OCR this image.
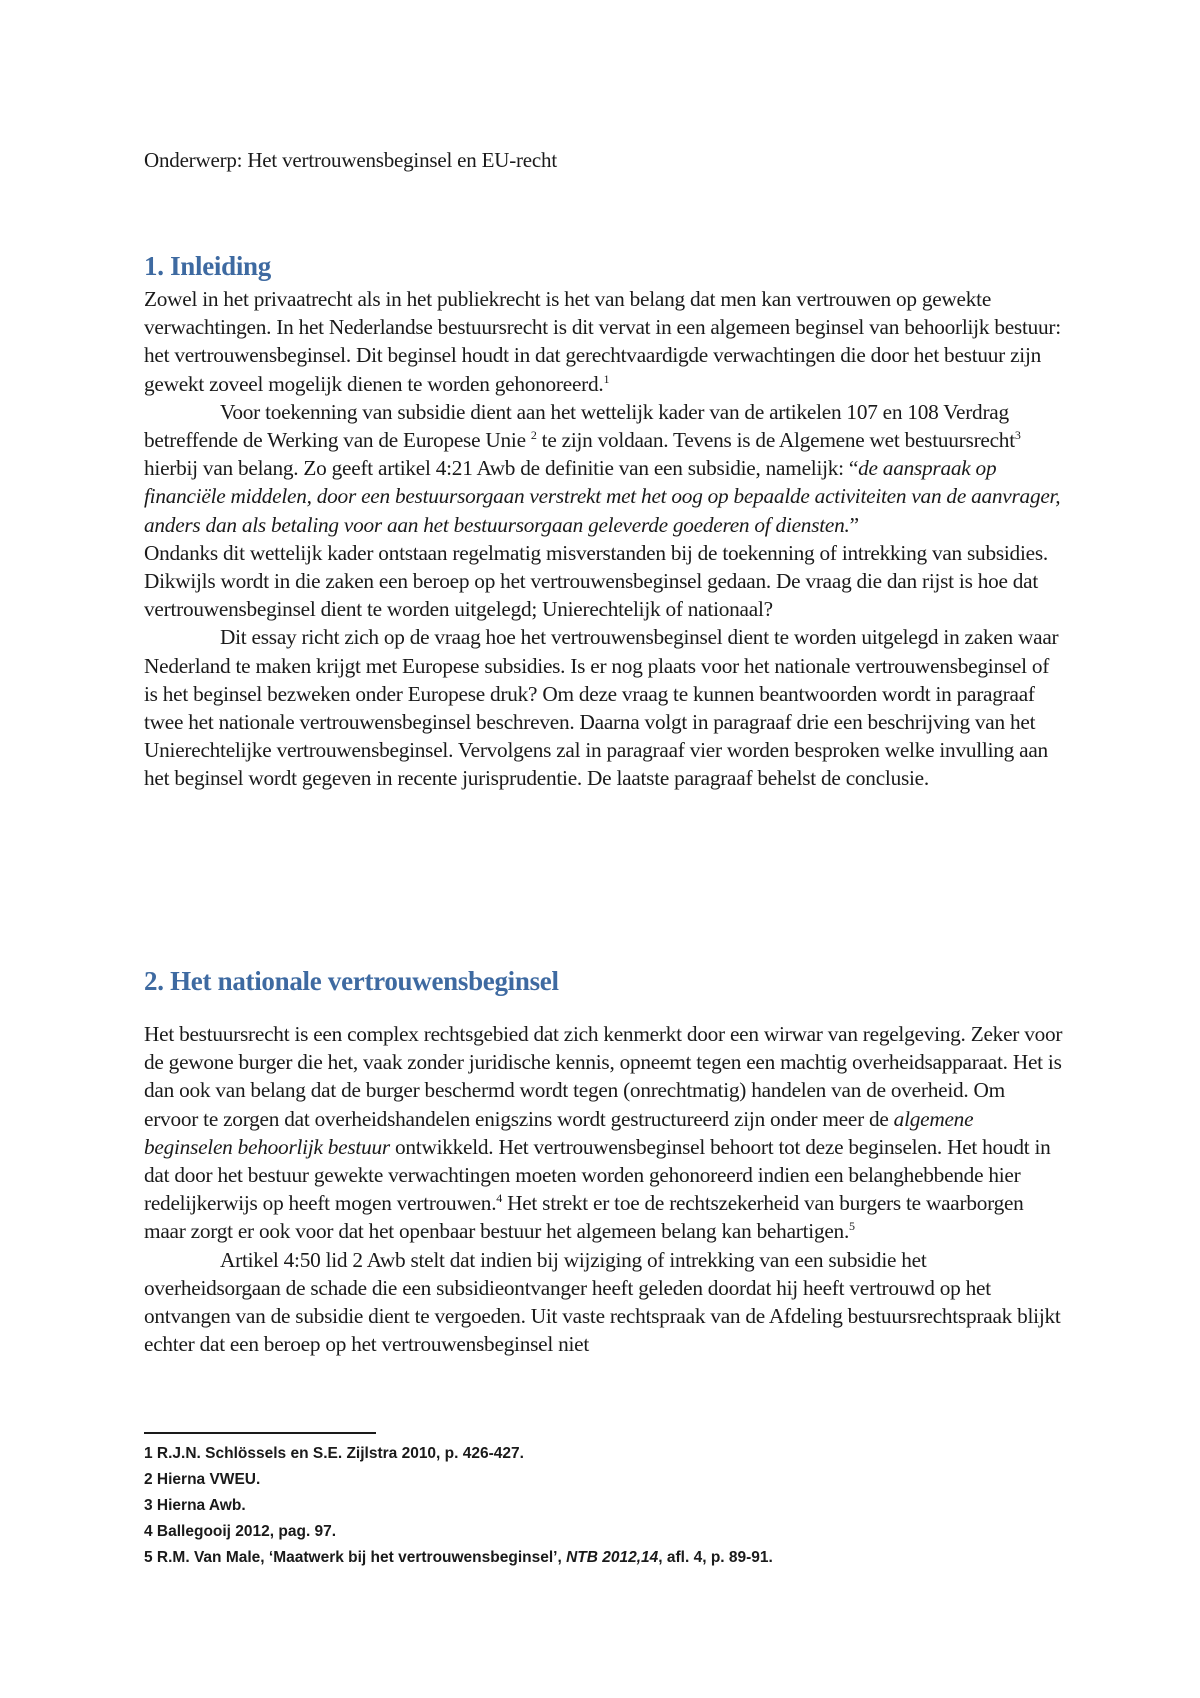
Onderwerp: Het vertrouwensbeginsel en EU-recht
1. Inleiding

Zowel in het privaatrecht als in het publiekrecht is het van belang dat men kan vertrouwen op gewekte verwachtingen. In het Nederlandse bestuursrecht is dit vervat in een algemeen beginsel van behoorlijk bestuur: het vertrouwensbeginsel. Dit beginsel houdt in dat gerechtvaardigde verwachtingen die door het bestuur zijn gewekt zoveel mogelijk dienen te worden gehonoreerd.$^1$

Voor toekenning van subsidie dient aan het wettelijk kader van de artikelen 107 en 108 Verdrag betreffende de Werking van de Europese Unie $^2$ te zijn voldaan. Tevens is de Algemene wet bestuursrecht$^3$ hierbij van belang. Zo geeft artikel 4:21 Awb de definitie van een subsidie, namelijk: “de aanspraak op financiële middelen, door een bestuursorgaan verstrekt met het oog op bepaalde activiteiten van de aanvrager, anders dan als betaling voor aan het bestuursorgaan geleverde goederen of diensten.”

Ondanks dit wettelijk kader ontstaan regelmatig misverstanden bij de toekenning of intrekking van subsidies. Dikwijls wordt in die zaken een beroep op het vertrouwensbeginsel gedaan. De vraag die dan rijst is hoe dat vertrouwensbeginsel dient te worden uitgelegd; Unierechtelijk of nationaal?

Dit essay richt zich op de vraag hoe het vertrouwensbeginsel dient te worden uitgelegd in zaken waar Nederland te maken krijgt met Europese subsidies. Is er nog plaats voor het nationale vertrouwensbeginsel of is het beginsel bezweken onder Europese druk? Om deze vraag te kunnen beantwoorden wordt in paragraaf twee het nationale vertrouwensbeginsel beschreven. Daarna volgt in paragraaf drie een beschrijving van het Unierechtelijke vertrouwensbeginsel. Vervolgens zal in paragraaf vier worden besproken welke invulling aan het beginsel wordt gegeven in recente jurisprudentie. De laatste paragraaf behelst de conclusie.

2. Het nationale vertrouwensbeginsel

Het bestuursrecht is een complex rechtsgebied dat zich kenmerkt door een wirwar van regelgeving. Zeker voor de gewone burger die het, vaak zonder juridische kennis, opneemt tegen een machtig overheidsapparaat. Het is dan ook van belang dat de burger beschermd wordt tegen (onrechtmatig) handelen van de overheid. Om ervoor te zorgen dat overheidshandelen enigszins wordt gestructureerd zijn onder meer de algemene beginselen behoorlijk bestuur ontwikkeld. Het vertrouwensbeginsel behoort tot deze beginselen. Het houdt in dat door het bestuur gewekte verwachtingen moeten worden gehonoreerd indien een belanghebbende hier redelijkerwijs op heeft mogen vertrouwen.$^4$ Het strekt er toe de rechtszekerheid van burgers te waarborgen maar zorgt er ook voor dat het openbaar bestuur het algemeen belang kan behartigen.$^5$

Artikel 4:50 lid 2 Awb stelt dat indien bij wijziging of intrekking van een subsidie het overheidsorgaan de schade die een subsidieontvanger heeft geleden doordat hij heeft vertrouwd op het ontvangen van de subsidie dient te vergoeden. Uit vaste rechtspraak van de Afdeling bestuursrechtspraak blijkt echter dat een beroep op het vertrouwensbeginsel niet

1 R.J.N. Schlössels en S.E. Zijlstra 2010, p. 426-427.

2 Hierna VWEU.

3 Hierna Awb.

4 Ballegooij 2012, pag. 97.

5 R.M. Van Male, ‘Maatwerk bij het vertrouwensbeginsel’, NTB 2012,14, afl. 4, p. 89-91.
